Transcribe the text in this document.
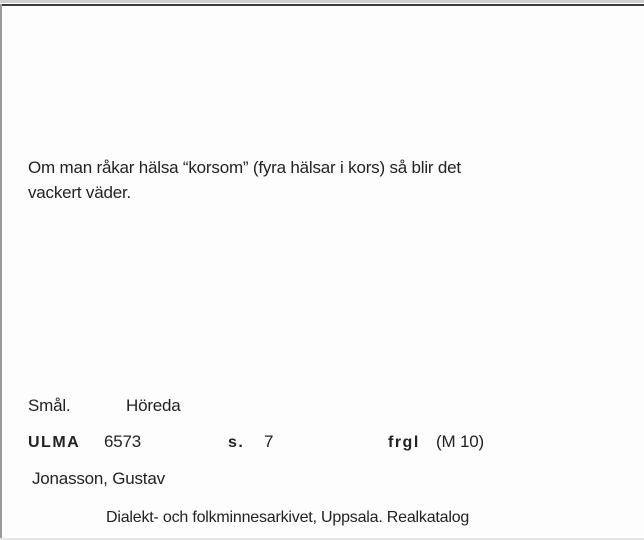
Om man råkar hälsa “korsom” (fyra hälsar i kors) så blir det
vackert väder.
Smål.	Höreda
ULMA 6573	s. 7	frgl (M 10)
Jonasson, Gustav
Dialekt- och folkminnesarkivet, Uppsala. Realkatalog
